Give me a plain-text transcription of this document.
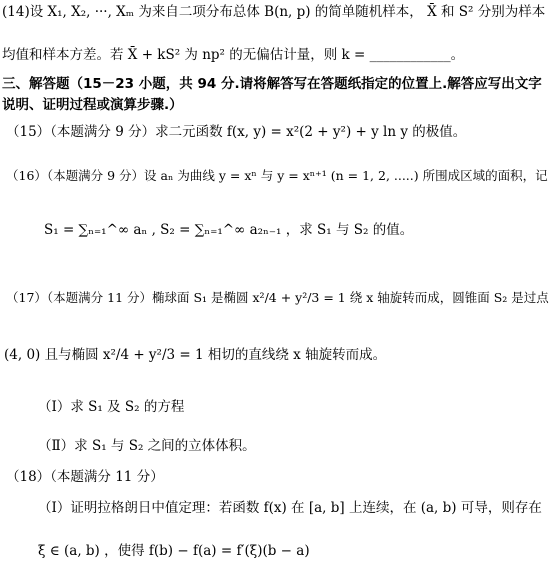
(14)设 X₁, X₂, ···, Xₘ 为来自二项分布总体 B(n, p) 的简单随机样本， X̄ 和 S² 分别为样本
均值和样本方差。若 X̄ + kS² 为 np² 的无偏估计量，则 k = ____________。
三、解答题（15－23 小题，共 94 分.请将解答写在答题纸指定的位置上.解答应写出文字
说明、证明过程或演算步骤.）
（15）（本题满分 9 分）求二元函数 f(x, y) = x²(2 + y²) + y ln y 的极值。
（16）（本题满分 9 分）设 aₙ 为曲线 y = xⁿ 与 y = xⁿ⁺¹ (n = 1, 2, .....) 所围成区域的面积，记
S₁ = ∑ₙ₌₁^∞ aₙ , S₂ = ∑ₙ₌₁^∞ a₂ₙ₋₁ ，求 S₁ 与 S₂ 的值。
（17）（本题满分 11 分）椭球面 S₁ 是椭圆 x²/4 + y²/3 = 1 绕 x 轴旋转而成，圆锥面 S₂ 是过点
(4, 0) 且与椭圆 x²/4 + y²/3 = 1 相切的直线绕 x 轴旋转而成。
（Ⅰ）求 S₁ 及 S₂ 的方程
（Ⅱ）求 S₁ 与 S₂ 之间的立体体积。
（18）（本题满分 11 分）
（Ⅰ）证明拉格朗日中值定理：若函数 f(x) 在 [a, b] 上连续，在 (a, b) 可导，则存在
ξ ∈ (a, b) ，使得 f(b) − f(a) = f′(ξ)(b − a)
